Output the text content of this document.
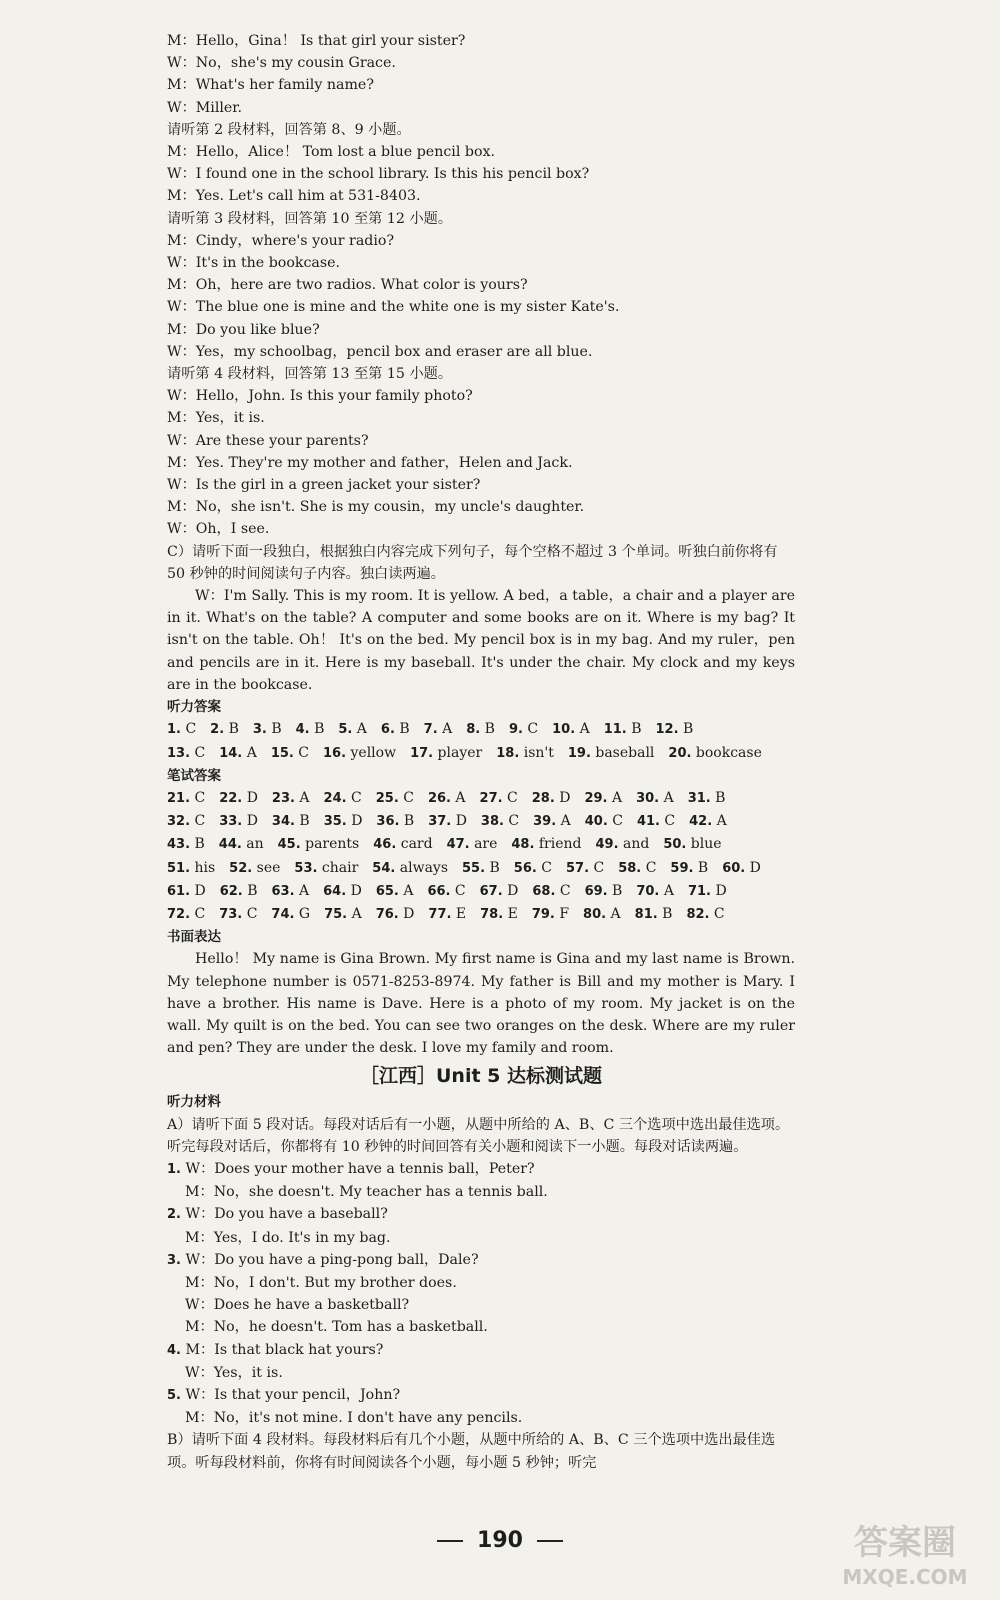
M：Hello，Gina！ Is that girl your sister?

W：No，she's my cousin Grace.

M：What's her family name?

W：Miller.

请听第 2 段材料，回答第 8、9 小题。

M：Hello，Alice！ Tom lost a blue pencil box.

W：I found one in the school library. Is this his pencil box?

M：Yes. Let's call him at 531-8403.

请听第 3 段材料，回答第 10 至第 12 小题。

M：Cindy，where's your radio?

W：It's in the bookcase.

M：Oh，here are two radios. What color is yours?

W：The blue one is mine and the white one is my sister Kate's.

M：Do you like blue?

W：Yes，my schoolbag，pencil box and eraser are all blue.

请听第 4 段材料，回答第 13 至第 15 小题。

W：Hello，John. Is this your family photo?

M：Yes，it is.

W：Are these your parents?

M：Yes. They're my mother and father，Helen and Jack.

W：Is the girl in a green jacket your sister?

M：No，she isn't. She is my cousin，my uncle's daughter.

W：Oh，I see.

C）请听下面一段独白，根据独白内容完成下列句子，每个空格不超过 3 个单词。听独白前你将有 50 秒钟的时间阅读句子内容。独白读两遍。

W：I'm Sally. This is my room. It is yellow. A bed，a table，a chair and a player are in it. What's on the table? A computer and some books are on it. Where is my bag? It isn't on the table. Oh！ It's on the bed. My pencil box is in my bag. And my ruler，pen and pencils are in it. Here is my baseball. It's under the chair. My clock and my keys are in the bookcase.

听力答案

1. C 2. B 3. B 4. B 5. A 6. B 7. A 8. B 9. C 10. A 11. B 12. B
13. C 14. A 15. C 16. yellow 17. player 18. isn't 19. baseball 20. bookcase

笔试答案

21. C 22. D 23. A 24. C 25. C 26. A 27. C 28. D 29. A 30. A 31. B
32. C 33. D 34. B 35. D 36. B 37. D 38. C 39. A 40. C 41. C 42. A
43. B 44. an 45. parents 46. card 47. are 48. friend 49. and 50. blue
51. his 52. see 53. chair 54. always 55. B 56. C 57. C 58. C 59. B 60. D
61. D 62. B 63. A 64. D 65. A 66. C 67. D 68. C 69. B 70. A 71. D
72. C 73. C 74. G 75. A 76. D 77. E 78. E 79. F 80. A 81. B 82. C

书面表达

Hello！ My name is Gina Brown. My first name is Gina and my last name is Brown. My telephone number is 0571-8253-8974. My father is Bill and my mother is Mary. I have a brother. His name is Dave. Here is a photo of my room. My jacket is on the wall. My quilt is on the bed. You can see two oranges on the desk. Where are my ruler and pen? They are under the desk. I love my family and room.

［江西］Unit 5 达标测试题

听力材料

A）请听下面 5 段对话。每段对话后有一小题，从题中所给的 A、B、C 三个选项中选出最佳选项。听完每段对话后，你都将有 10 秒钟的时间回答有关小题和阅读下一小题。每段对话读两遍。

1. W：Does your mother have a tennis ball，Peter?

M：No，she doesn't. My teacher has a tennis ball.

2. W：Do you have a baseball?

M：Yes，I do. It's in my bag.

3. W：Do you have a ping-pong ball，Dale?

M：No，I don't. But my brother does.

W：Does he have a basketball?

M：No，he doesn't. Tom has a basketball.

4. M：Is that black hat yours?

W：Yes，it is.

5. W：Is that your pencil，John?

M：No，it's not mine. I don't have any pencils.

B）请听下面 4 段材料。每段材料后有几个小题，从题中所给的 A、B、C 三个选项中选出最佳选项。听每段材料前，你将有时间阅读各个小题，每小题 5 秒钟；听完

190	答案圈
MXQE.COM
